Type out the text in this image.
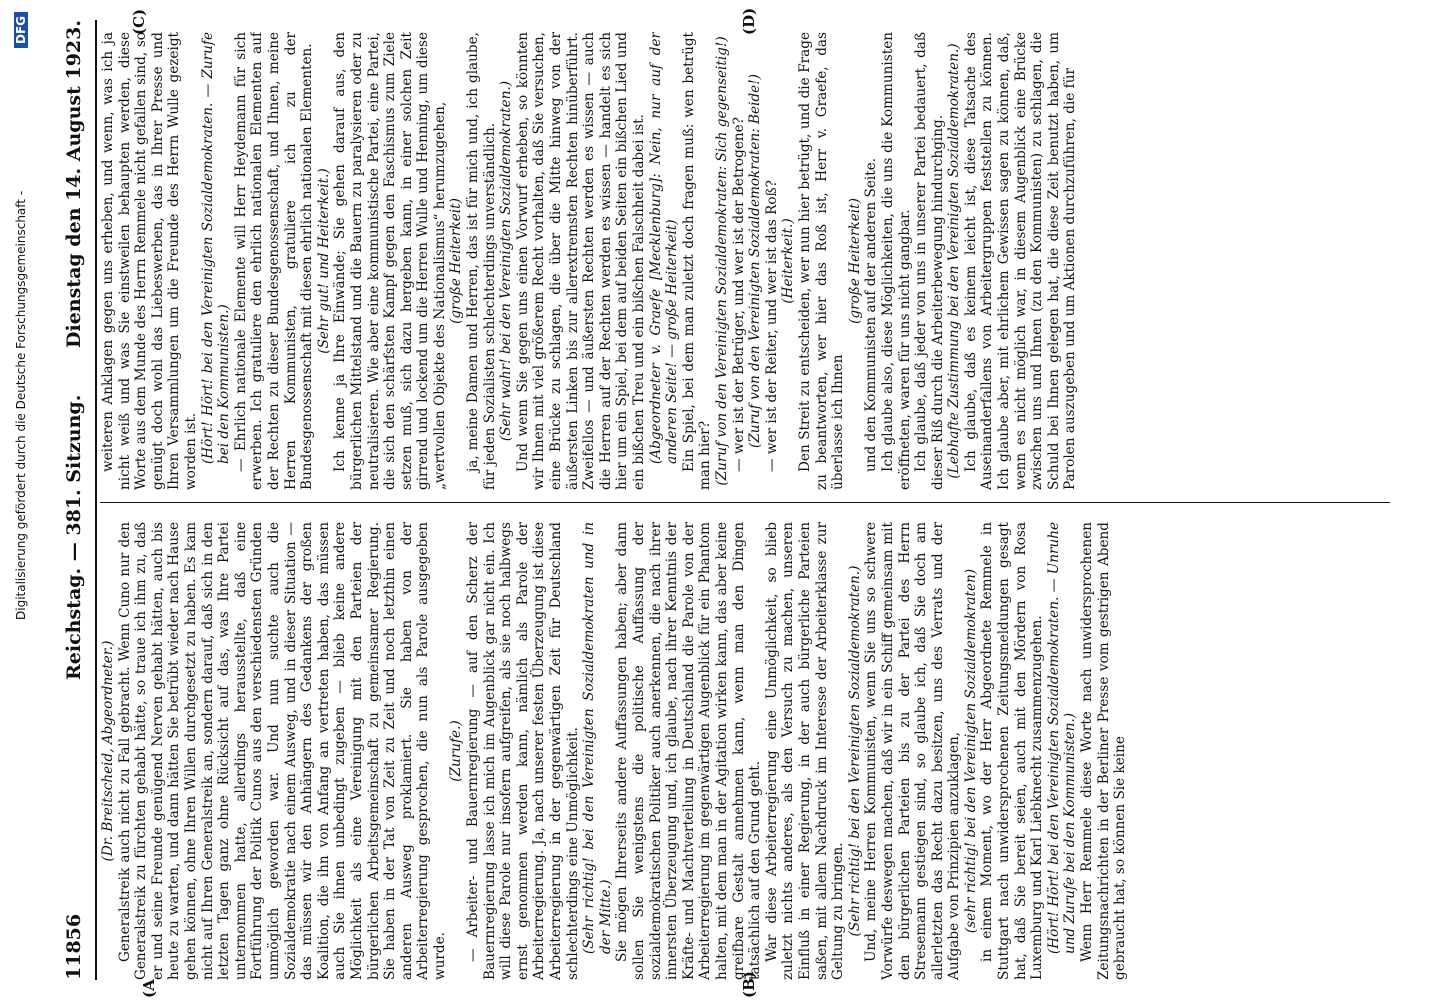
11856
Reichstag. — 381. Sitzung.
Dienstag den 14. August 1923.

(Dr. Breitscheid, Abgeordneter.) Generalstreik auch nicht zu Fall gebracht. Wenn Cuno nur den Generalstreik zu fürchten gehabt hätte, so traue ich ihm zu, daß er und seine Freunde genügend Nerven gehabt hätten, auch bis heute zu warten, und dann hätten Sie betrübt wieder nach Hause gehen können, ohne Ihren Willen durchgesetzt zu haben. Es kam nicht auf Ihren Generalstreik an, sondern darauf, daß sich in den letzten Tagen ganz ohne Rücksicht auf das, was Ihre Partei unternommen hatte, allerdings herausstellte, daß eine Fortführung der Politik Cunos aus den verschiedensten Gründen unmöglich geworden war. Und nun suchte auch die Sozialdemokratie nach einem Ausweg, und in dieser Situation — das müssen wir den Anhängern des Gedankens der großen Koalition, die ihn von Anfang an vertreten haben, das müssen auch Sie ihnen unbedingt zugeben — blieb keine andere Möglichkeit als eine Vereinigung mit den Parteien der bürgerlichen Arbeitsgemeinschaft zu gemeinsamer Regierung. Sie haben in der Tat von Zeit zu Zeit und noch letzthin einen anderen Ausweg proklamiert. Sie haben von der Arbeiterregierung gesprochen, die nun als Parole ausgegeben wurde.

(Zurufe.) — Arbeiter- und Bauernregierung — auf den Scherz der Bauernregierung lasse ich mich im Augenblick gar nicht ein. Ich will diese Parole nur insofern aufgreifen, als sie noch halbwegs ernst genommen werden kann, nämlich als Parole der Arbeiterregierung. Ja, nach unserer festen Überzeugung ist diese Arbeiterregierung in der gegenwärtigen Zeit für Deutschland schlechterdings eine Unmöglichkeit. (Sehr richtig! bei den Vereinigten Sozialdemokraten und in der Mitte.) Sie mögen Ihrerseits andere Auffassungen haben; aber dann sollen Sie wenigstens die politische Auffassung der sozialdemokratischen Politiker auch anerkennen, die nach ihrer innersten Überzeugung und, ich glaube, nach ihrer Kenntnis der Kräfte- und Machtverteilung in Deutschland die Parole von der Arbeiterregierung im gegenwärtigen Augenblick für ein Phantom halten, mit dem man in der Agitation wirken kann, das aber keine greifbare Gestalt annehmen kann, wenn man den Dingen tatsächlich auf den Grund geht. War diese Arbeiterregierung eine Unmöglichkeit, so blieb zuletzt nichts anderes, als den Versuch zu machen, unseren Einfluß in einer Regierung, in der auch bürgerliche Parteien saßen, mit allem Nachdruck im Interesse der Arbeiterklasse zur Geltung zu bringen. (Sehr richtig! bei den Vereinigten Sozialdemokraten.) Und, meine Herren Kommunisten, wenn Sie uns so schwere Vorwürfe deswegen machen, daß wir in ein Schiff gemeinsam mit den bürgerlichen Parteien bis zu der Partei des Herrn Stresemann gestiegen sind, so glaube ich, daß Sie doch am allerletzten das Recht dazu besitzen, uns des Verrats und der Aufgabe von Prinzipien anzuklagen, (sehr richtig! bei den Vereinigten Sozialdemokraten) in einem Moment, wo der Herr Abgeordnete Remmele in Stuttgart nach unwidersprochenen Zeitungsmeldungen gesagt hat, daß Sie bereit seien, auch mit den Mördern von Rosa Luxemburg und Karl Liebknecht zusammenzugehen. (Hört! Hört! bei den Vereinigten Sozialdemokraten. — Unruhe und Zurufe bei den Kommunisten.) Wenn Herr Remmele diese Worte nach unwidersprochenen Zeitungsnachrichten in der Berliner Presse vom gestrigen Abend gebraucht hat, so können Sie keine

weiteren Anklagen gegen uns erheben, und wenn, was ich ja nicht weiß und was Sie einstweilen behaupten werden, diese Worte aus dem Munde des Herrn Remmele nicht gefallen sind, so genügt doch wohl das Liebeswerben, das in Ihrer Presse und Ihren Versammlungen um die Freunde des Herrn Wulle gezeigt worden ist. (Hört! Hört! bei den Vereinigten Sozialdemokraten. — Zurufe bei den Kommunisten.) — Ehrlich nationale Elemente will Herr Heydemann für sich erwerben. Ich gratuliere den ehrlich nationalen Elementen auf der Rechten zu dieser Bundesgenossenschaft, und Ihnen, meine Herren Kommunisten, gratuliere ich zu der Bundesgenossenschaft mit diesen ehrlich nationalen Elementen. (Sehr gut! und Heiterkeit.) Ich kenne ja Ihre Einwände; Sie gehen darauf aus, den bürgerlichen Mittelstand und die Bauern zu paralysieren oder zu neutralisieren. Wie aber eine kommunistische Partei, eine Partei, die sich den schärfsten Kampf gegen den Faschismus zum Ziele setzen muß, sich dazu hergeben kann, in einer solchen Zeit girrend und lockend um die Herren Wulle und Henning, um diese „wertvollen Objekte des Nationalismus“ herumzugehen, (große Heiterkeit) ja, meine Damen und Herren, das ist für mich und, ich glaube, für jeden Sozialisten schlechterdings unverständlich. (Sehr wahr! bei den Vereinigten Sozialdemokraten.) Und wenn Sie gegen uns einen Vorwurf erheben, so könnten wir Ihnen mit viel größerem Recht vorhalten, daß Sie versuchen, eine Brücke zu schlagen, die über die Mitte hinweg von der äußersten Linken bis zur allerextremsten Rechten hinüberführt. Zweifellos — und äußersten Rechten werden es wissen — auch die Herren auf der Rechten werden es wissen — handelt es sich hier um ein Spiel, bei dem auf beiden Seiten ein bißchen Lied und ein bißchen Treu und ein bißchen Falschheit dabei ist. (Abgeordneter v. Graefe [Mecklenburg]: Nein, nur auf der anderen Seite! — große Heiterkeit) Ein Spiel, bei dem man zuletzt doch fragen muß: wen betrügt man hier? (Zuruf von den Vereinigten Sozialdemokraten: Sich gegenseitig!) — wer ist der Betrüger, und wer ist der Betrogene? (Zuruf von den Vereinigten Sozialdemokraten: Beide!) — wer ist der Reiter, und wer ist das Roß? (Heiterkeit.) Den Streit zu entscheiden, wer nun hier betrügt, und die Frage zu beantworten, wer hier das Roß ist, Herr v. Graefe, das überlasse ich Ihnen

(große Heiterkeit) und den Kommunisten auf der anderen Seite. Ich glaube also, diese Möglichkeiten, die uns die Kommunisten eröffneten, waren für uns nicht gangbar. Ich glaube, daß jeder von uns in unserer Partei bedauert, daß dieser Riß durch die Arbeiterbewegung hindurchging. (Lebhafte Zustimmung bei den Vereinigten Sozialdemokraten.) Ich glaube, daß es keinem leicht ist, diese Tatsache des Auseinanderfallens von Arbeitergruppen feststellen zu können. Ich glaube aber, mit ehrlichem Gewissen sagen zu können, daß, wenn es nicht möglich war, in diesem Augenblick eine Brücke zwischen uns und Ihnen (zu den Kommunisten) zu schlagen, die Schuld bei Ihnen gelegen hat, die diese Zeit benutzt haben, um Parolen auszugeben und um Aktionen durchzuführen, die für

(A	(B)
(C)	(D)
Digitalisierung gefördert durch die Deutsche Forschungsgemeinschaft -
DFG
